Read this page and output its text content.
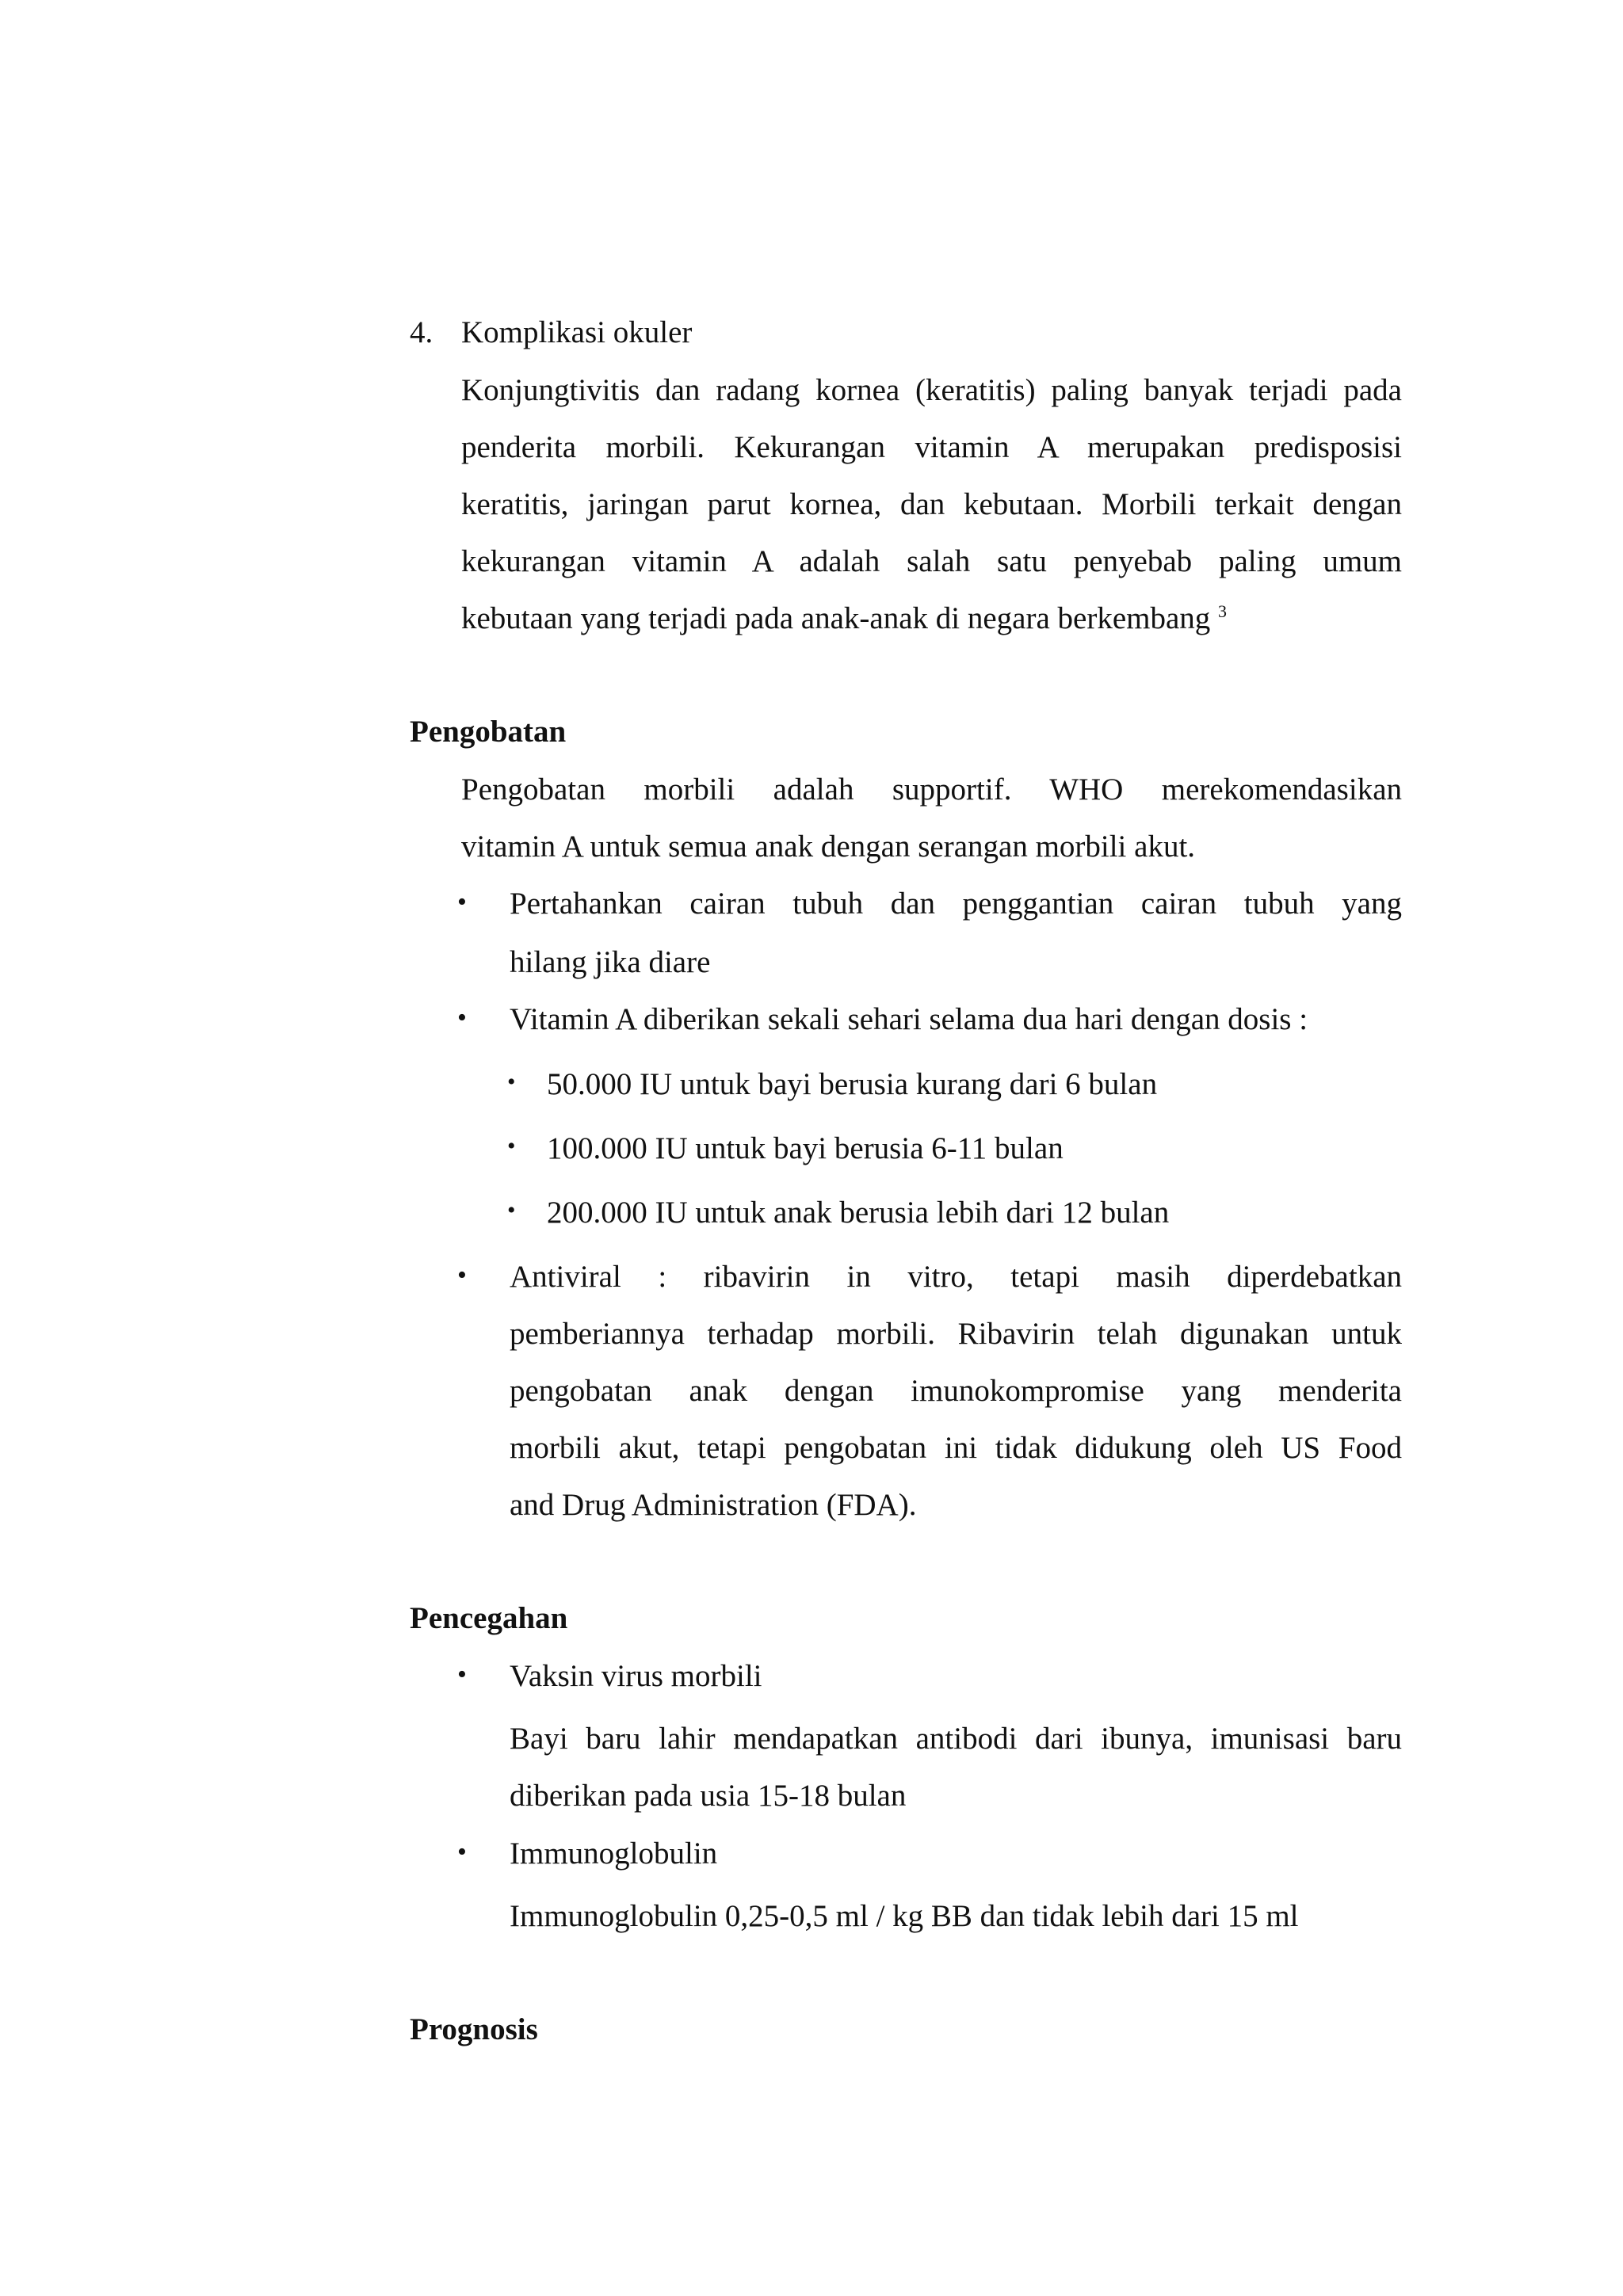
4. Komplikasi okuler
Konjungtivitis dan radang kornea (keratitis) paling banyak terjadi pada
penderita morbili. Kekurangan vitamin A merupakan predisposisi
keratitis, jaringan parut kornea, dan kebutaan. Morbili terkait dengan
kekurangan vitamin A adalah salah satu penyebab paling umum
kebutaan yang terjadi pada anak-anak di negara berkembang $^3$
Pengobatan
Pengobatan morbili adalah supportif. WHO merekomendasikan
vitamin A untuk semua anak dengan serangan morbili akut.
• Pertahankan cairan tubuh dan penggantian cairan tubuh yang
hilang jika diare
• Vitamin A diberikan sekali sehari selama dua hari dengan dosis :
• 50.000 IU untuk bayi berusia kurang dari 6 bulan
• 100.000 IU untuk bayi berusia 6-11 bulan
• 200.000 IU untuk anak berusia lebih dari 12 bulan
• Antiviral : ribavirin in vitro, tetapi masih diperdebatkan
pemberiannya terhadap morbili. Ribavirin telah digunakan untuk
pengobatan anak dengan imunokompromise yang menderita
morbili akut, tetapi pengobatan ini tidak didukung oleh US Food
and Drug Administration (FDA).
Pencegahan
• Vaksin virus morbili
Bayi baru lahir mendapatkan antibodi dari ibunya, imunisasi baru
diberikan pada usia 15-18 bulan
• Immunoglobulin
Immunoglobulin 0,25-0,5 ml / kg BB dan tidak lebih dari 15 ml
Prognosis
